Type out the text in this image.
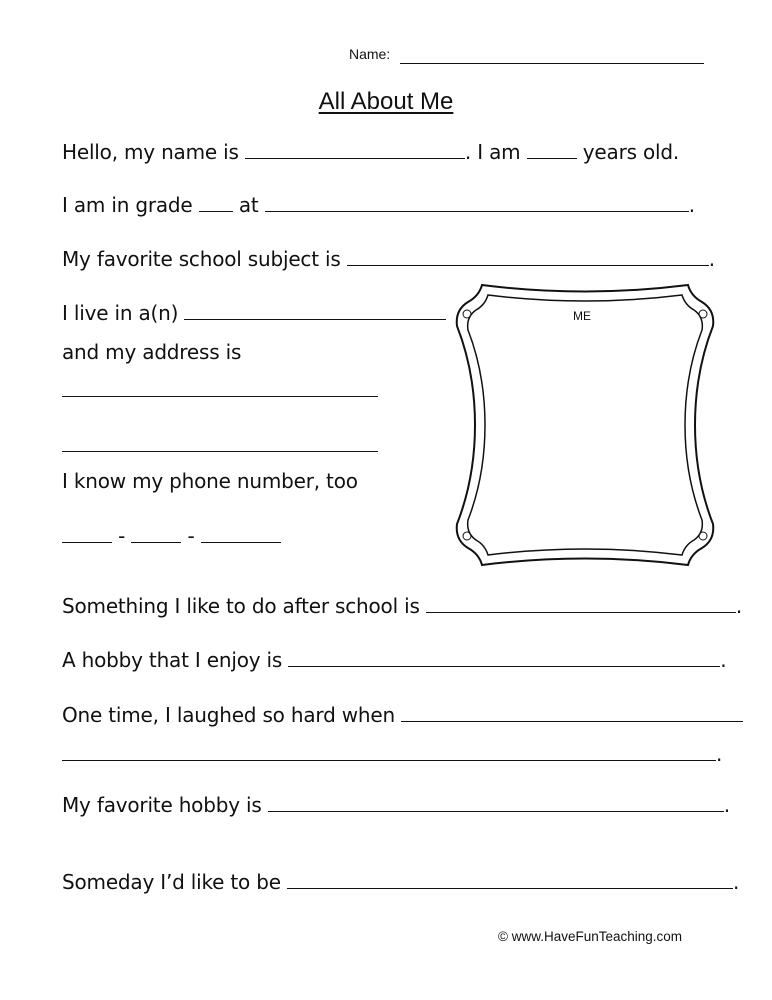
Name:
All About Me
Hello, my name is	. I am	years old.
I am in grade at	.
My favorite school subject is	.
I live in a(n)
and my address is
I know my phone number, too
-	-
ME
Something I like to do after school is	.
A hobby that I enjoy is	.
One time, I laughed so hard when
.
My favorite hobby is	.
Someday I’d like to be	.
© www.HaveFunTeaching.com
